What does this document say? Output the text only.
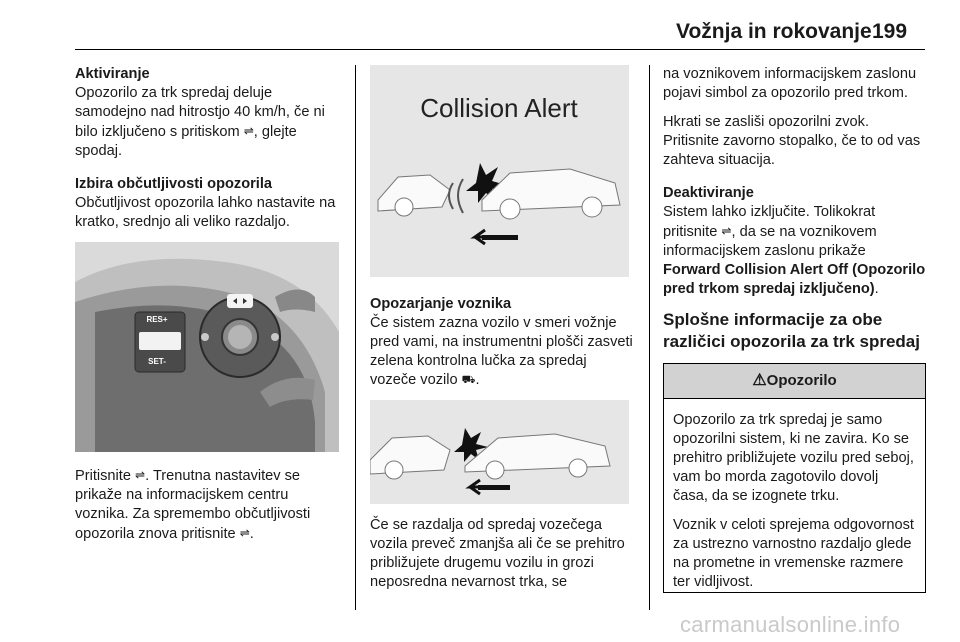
Vožnja in rokovanje 199
Aktiviranje

Opozorilo za trk spredaj deluje samodejno nad hitrostjo 40 km/h, če ni bilo izključeno s pritiskom ⇌, glejte spodaj.

Izbira občutljivosti opozorila

Občutljivost opozorila lahko nastavite na kratko, srednjo ali veliko razdaljo.

RES+
SET-

Pritisnite ⇌. Trenutna nastavitev se prikaže na informacijskem centru voznika. Za spremembo občutljivosti opozorila znova pritisnite ⇌.

Collision Alert
Opozarjanje voznika

Če sistem zazna vozilo v smeri vožnje pred vami, na instrumentni plošči zasveti zelena kontrolna lučka za spredaj vozeče vozilo ⛟.

Če se razdalja od spredaj vozečega vozila preveč zmanjša ali če se prehitro približujete drugemu vozilu in grozi neposredna nevarnost trka, se

na voznikovem informacijskem zaslonu pojavi simbol za opozorilo pred trkom.

Hkrati se zasliši opozorilni zvok. Pritisnite zavorno stopalko, če to od vas zahteva situacija.

Deaktiviranje

Sistem lahko izključite. Tolikokrat pritisnite ⇌, da se na voznikovem informacijskem zaslonu prikaže Forward Collision Alert Off (Opozorilo pred trkom spredaj izključeno).

Splošne informacije za obe različici opozorila za trk spredaj
⚠Opozorilo

Opozorilo za trk spredaj je samo opozorilni sistem, ki ne zavira. Ko se prehitro približujete vozilu pred seboj, vam bo morda zagotovilo dovolj časa, da se izognete trku.

Voznik v celoti sprejema odgovornost za ustrezno varnostno razdaljo glede na prometne in vremenske razmere ter vidljivost.

carmanualsonline.info
